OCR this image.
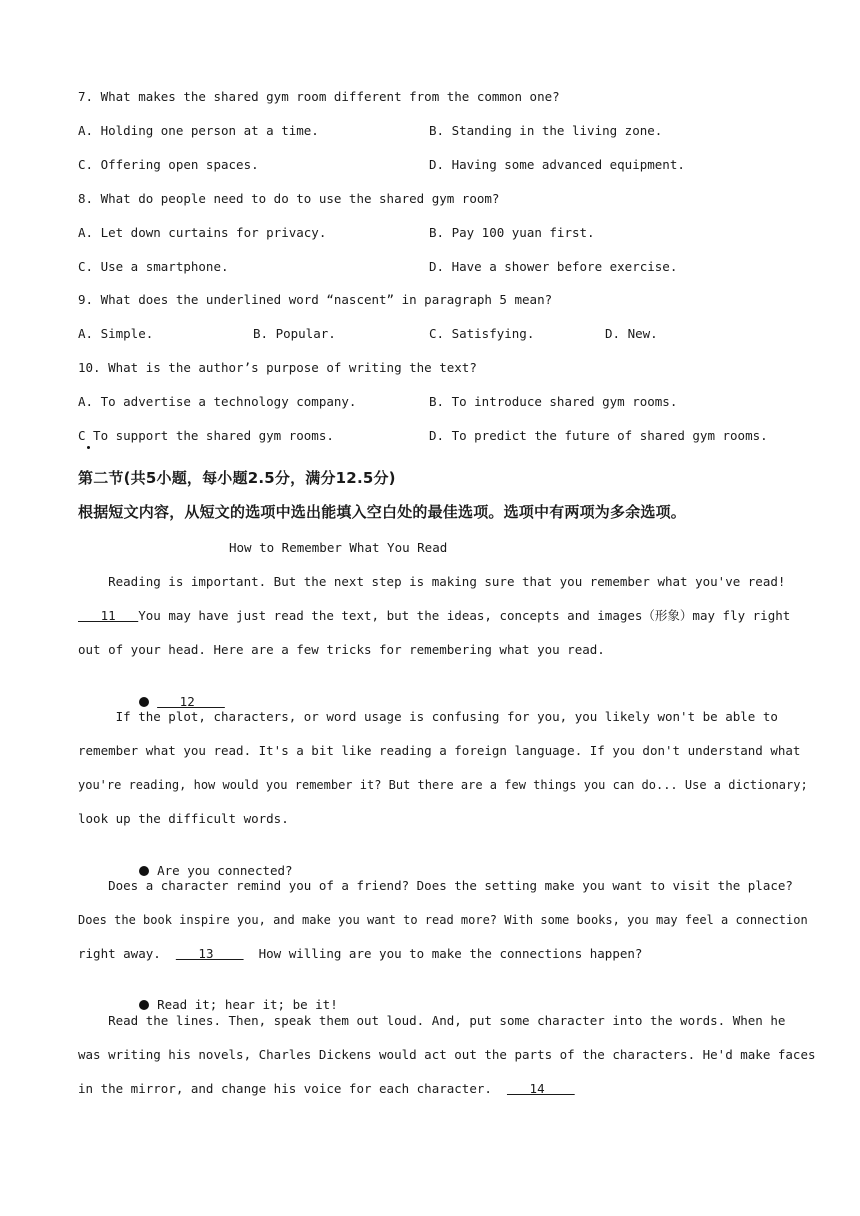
7. What makes the shared gym room different from the common one?
A. Holding one person at a time.	B. Standing in the living zone.
C. Offering open spaces.	D. Having some advanced equipment.
8. What do people need to do to use the shared gym room?
A. Let down curtains for privacy.	B. Pay 100 yuan first.
C. Use a smartphone.	D. Have a shower before exercise.
9. What does the underlined word “nascent” in paragraph 5 mean?
A. Simple.	B. Popular.	C. Satisfying.	D. New.
10. What is the author’s purpose of writing the text?
A. To advertise a technology company.	B. To introduce shared gym rooms.
C To support the shared gym rooms.	D. To predict the future of shared gym rooms.
第二节(共5小题，每小题2.5分，满分12.5分)
根据短文内容，从短文的选项中选出能填入空白处的最佳选项。选项中有两项为多余选项。
How to Remember What You Read
Reading is important. But the next step is making sure that you remember what you've read!
11   You may have just read the text, but the ideas, concepts and images（形象）may fly right
out of your head. Here are a few tricks for remembering what you read.

12

If the plot, characters, or word usage is confusing for you, you likely won't be able to
remember what you read. It's a bit like reading a foreign language. If you don't understand what
you're reading, how would you remember it? But there are a few things you can do... Use a dictionary;
look up the difficult words.

Are you connected?

Does a character remind you of a friend? Does the setting make you want to visit the place?
Does the book inspire you, and make you want to read more? With some books, you may feel a connection
right away.     13      How willing are you to make the connections happen?

Read it; hear it; be it!

Read the lines. Then, speak them out loud. And, put some character into the words. When he
was writing his novels, Charles Dickens would act out the parts of the characters. He'd make faces
in the mirror, and change his voice for each character.     14
